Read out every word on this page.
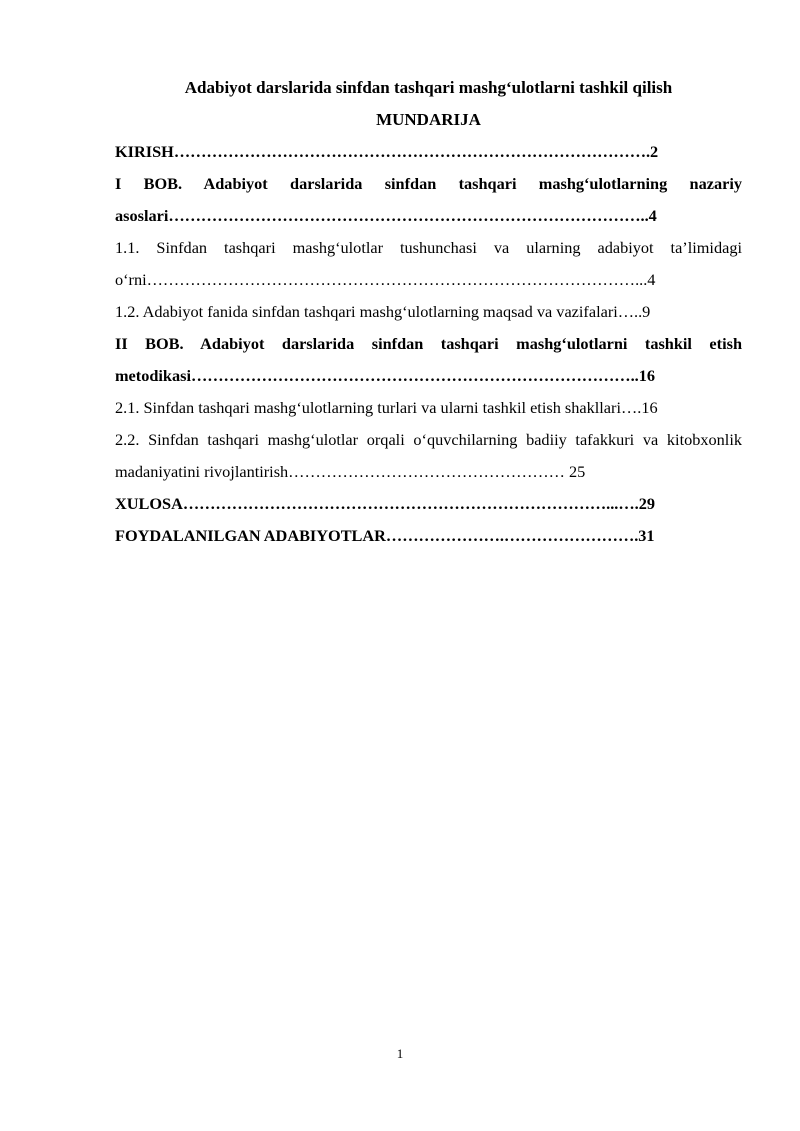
Adabiyot darslarida sinfdan tashqari mashg‘ulotlarni tashkil qilish
MUNDARIJA
KIRISH…………………………………………………………………………….2
I BOB. Adabiyot darslarida sinfdan tashqari mashg‘ulotlarning nazariy asoslari……………………………………………………………………………..4
1.1. Sinfdan tashqari mashg‘ulotlar tushunchasi va ularning adabiyot ta’limidagi o‘rni………………………………………………………………………………...4
1.2. Adabiyot fanida sinfdan tashqari mashg‘ulotlarning maqsad va vazifalari…..9
II BOB. Adabiyot darslarida sinfdan tashqari mashg‘ulotlarni tashkil etish metodikasi………………………………………………………………………..16
2.1. Sinfdan tashqari mashg‘ulotlarning turlari va ularni tashkil etish shakllari….16
2.2. Sinfdan tashqari mashg‘ulotlar orqali o‘quvchilarning badiiy tafakkuri va kitobxonlik madaniyatini rivojlantirish…………………………………………… 25
XULOSA……………………………………………………………………...….29
FOYDALANILGAN ADABIYOTLAR………………….…………………….31
1
